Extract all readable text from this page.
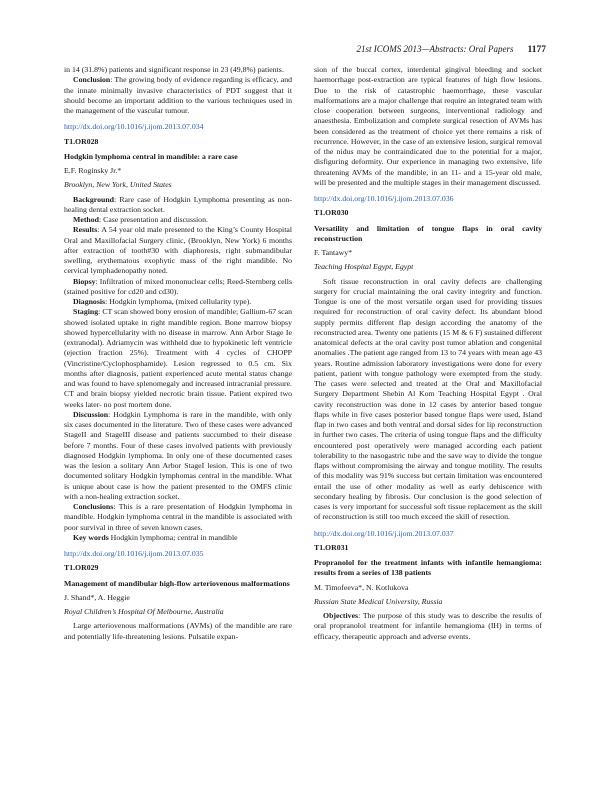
21st ICOMS 2013—Abstracts: Oral Papers 1177

in 14 (31.8%) patients and significant response in 23 (49,8%) patients.

Conclusion: The growing body of evidence regarding is efficacy, and the innate minimally invasive characteristics of PDT suggest that it should become an important addition to the various techniques used in the management of the vascular tumour.

http://dx.doi.org/10.1016/j.ijom.2013.07.034

T1.OR028

Hodgkin lymphoma central in mandible: a rare case

E.F. Roginsky Jr.*

Brooklyn, New York, United States

Background: Rare case of Hodgkin Lymphoma presenting as non-healing dental extraction socket.

Method: Case presentation and discussion.

Results: A 54 year old male presented to the King’s County Hospital Oral and Maxillofacial Surgery clinic, (Brooklyn, New York) 6 months after extraction of tooth#30 with diaphoresis, right submandibular swelling, erythematous exophytic mass of the right mandible. No cervical lymphadenopathy noted.

Biopsy: Infiltration of mixed mononuclear cells; Reed-Sternberg cells (stained positive for cd20 and cd30).

Diagnosis: Hodgkin lymphoma, (mixed cellularity type).

Staging: CT scan showed bony erosion of mandible; Gallium-67 scan showed isolated uptake in right mandible region. Bone marrow biopsy showed hypercellularity with no disease in marrow. Ann Arbor Stage Ie (extranodal). Adriamycin was withheld due to hypokinetic left ventricle (ejection fraction 25%). Treatment with 4 cycles of CHOPP (Vincristine/Cyclophosphamide). Lesion regressed to 0.5 cm. Six months after diagnosis, patient experienced acute mental status change and was found to have splenomegaly and increased intracranial pressure. CT and brain biopsy yielded necrotic brain tissue. Patient expired two weeks later- no post mortem done.

Discussion: Hodgkin Lymphoma is rare in the mandible, with only six cases documented in the literature. Two of these cases were advanced StageII and StageIII disease and patients succumbed to their disease before 7 months. Four of these cases involved patients with previously diagnosed Hodgkin lymphoma. In only one of these documented cases was the lesion a solitary Ann Arbor StageI lesion. This is one of two documented solitary Hodgkin lymphomas central in the mandible. What is unique about case is how the patient presented to the OMFS clinic with a non-healing extraction socket.

Conclusions: This is a rare presentation of Hodgkin lymphoma in mandible. Hodgkin lymphoma central in the mandible is associated with poor survival in three of seven known cases.

Key words Hodgkin lymphoma; central in mandible

http://dx.doi.org/10.1016/j.ijom.2013.07.035

T1.OR029

Management of mandibular high-flow arteriovenous malformations

J. Shand*, A. Heggie

Royal Children’s Hospital Of Melbourne, Australia

Large arteriovenous malformations (AVMs) of the mandible are rare and potentially life-threatening lesions. Pulsatile expan-

sion of the buccal cortex, interdental gingival bleeding and socket haemorrhage post-extraction are typical features of high flow lesions. Due to the risk of catastrophic haemorrhage, these vascular malformations are a major challenge that require an integrated team with close cooperation between surgeons, interventional radiology and anaesthesia. Embolization and complete surgical resection of AVMs has been considered as the treatment of choice yet there remains a risk of recurrence. However, in the case of an extensive lesion, surgical removal of the nidus may be contraindicated due to the potential for a major, disfiguring deformity. Our experience in managing two extensive, life threatening AVMs of the mandible, in an 11- and a 15-year old male, will be presented and the multiple stages in their management discussed.

http://dx.doi.org/10.1016/j.ijom.2013.07.036

T1.OR030

Versatility and limitation of tongue flaps in oral cavity reconstruction

F. Tantawy*

Teaching Hospital Egypt, Egypt

Soft tissue reconstruction in oral cavity defects are challenging surgery for crucial maintaining the oral cavity integrity and function. Tongue is one of the most versatile organ used for providing tissues required for reconstruction of oral cavity defect. Its abundant blood supply permits different flap design according the anatomy of the reconstructed area. Twenty one patients (15 M & 6 F) sustained different anatomical defects at the oral cavity post tumor ablation and congenital anomalies .The patient age ranged from 13 to 74 years with mean age 43 years. Routine admission laboratory investigations were done for every patient, patient with tongue pathology were exempted from the study. The cases were selected and treated at the Oral and Maxillofacial Surgery Department Shebin Al Kom Teaching Hospital Egypt . Oral cavity reconstruction was done in 12 cases by anterior based tongue flaps while in five cases posterior based tongue flaps were used, Island flap in two cases and both ventral and dorsal sides for lip reconstruction in further two cases. The criteria of using tongue flaps and the difficulty encountered post operatively were managed according each patient tolerability to the nasogastric tube and the save way to divide the tongue flaps without compromising the airway and tongue motility. The results of this modality was 91% success but certain limitation was encountered entail the use of other modality as well as early dehiscence with secondary healing by fibrosis. Our conclusion is the good selection of cases is very important for successful soft tissue replacement as the skill of reconstruction is still too much exceed the skill of resection.

http://dx.doi.org/10.1016/j.ijom.2013.07.037

T1.OR031

Propranolol for the treatment infants with infantile hemangioma: results from a series of 138 patients

M. Timofeeva*, N. Kotlukova

Russian State Medical University, Russia

Objectives: The purpose of this study was to describe the results of oral propranolol treatment for infantile hemangioma (IH) in terms of efficacy, therapeutic approach and adverse events.
